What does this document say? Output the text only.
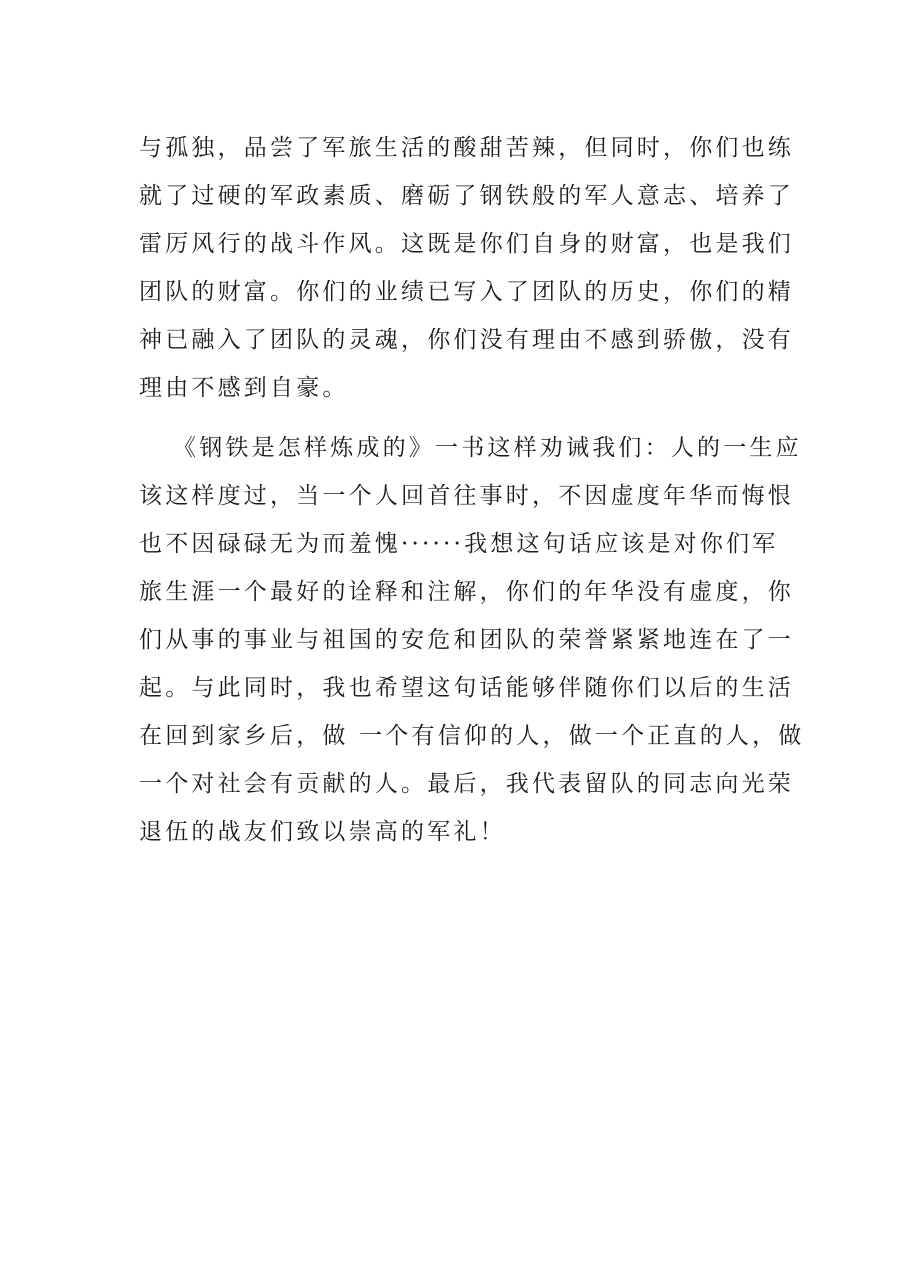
与孤独，品尝了军旅生活的酸甜苦辣，但同时，你们也练
就了过硬的军政素质、磨砺了钢铁般的军人意志、培养了
雷厉风行的战斗作风。这既是你们自身的财富，也是我们
团队的财富。你们的业绩已写入了团队的历史，你们的精
神已融入了团队的灵魂，你们没有理由不感到骄傲，没有
理由不感到自豪。
《钢铁是怎样炼成的》一书这样劝诫我们：人的一生应
该这样度过，当一个人回首往事时，不因虚度年华而悔恨
也不因碌碌无为而羞愧······我想这句话应该是对你们军
旅生涯一个最好的诠释和注解，你们的年华没有虚度，你
们从事的事业与祖国的安危和团队的荣誉紧紧地连在了一
起。与此同时，我也希望这句话能够伴随你们以后的生活
在回到家乡后，做 一个有信仰的人，做一个正直的人，做
一个对社会有贡献的人。最后，我代表留队的同志向光荣
退伍的战友们致以崇高的军礼！
